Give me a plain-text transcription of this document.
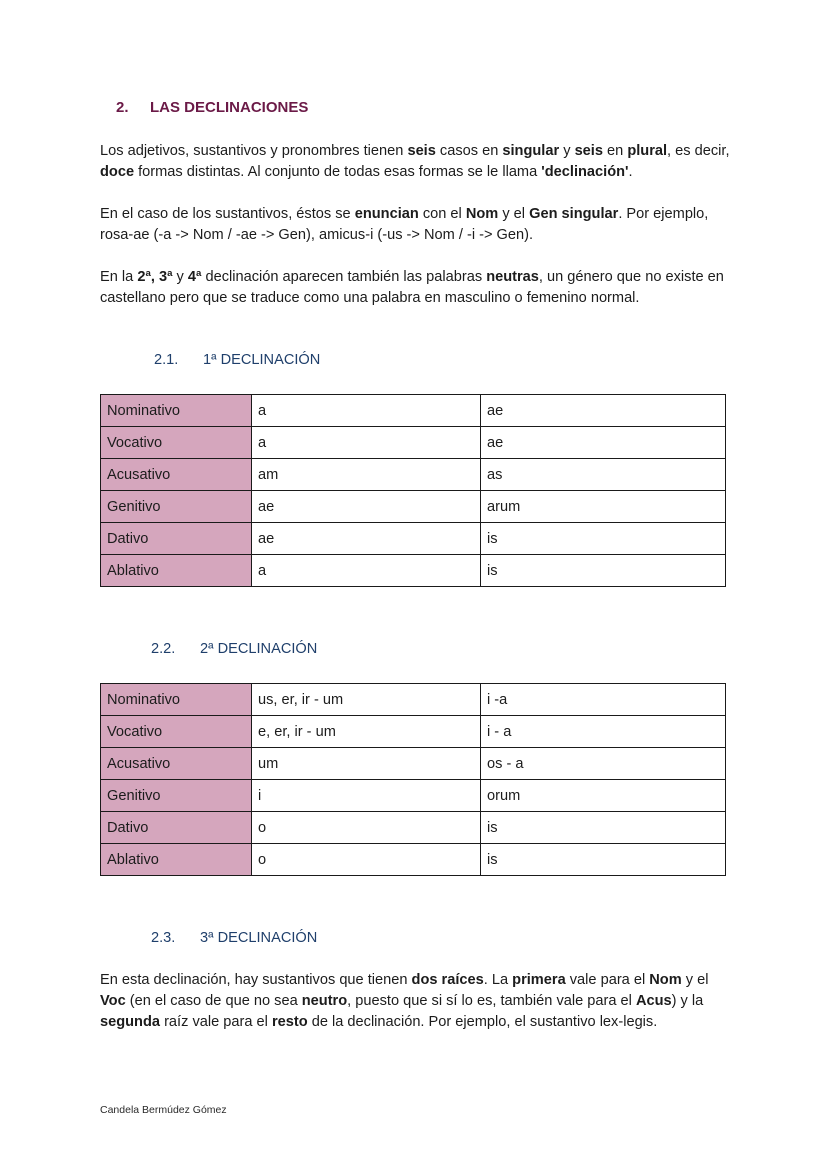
2. LAS DECLINACIONES
Los adjetivos, sustantivos y pronombres tienen seis casos en singular y seis en plural, es decir, doce formas distintas. Al conjunto de todas esas formas se le llama 'declinación'.
En el caso de los sustantivos, éstos se enuncian con el Nom y el Gen singular. Por ejemplo, rosa-ae (-a -> Nom / -ae -> Gen), amicus-i (-us -> Nom / -i -> Gen).
En la 2ª, 3ª y 4ª declinación aparecen también las palabras neutras, un género que no existe en castellano pero que se traduce como una palabra en masculino o femenino normal.
2.1. 1ª DECLINACIÓN
Nominativo	a	ae
Vocativo	a	ae
Acusativo	am	as
Genitivo	ae	arum
Dativo	ae	is
Ablativo	a	is
2.2. 2ª DECLINACIÓN
Nominativo	us, er, ir - um	i -a
Vocativo	e, er, ir - um	i - a
Acusativo	um	os - a
Genitivo	i	orum
Dativo	o	is
Ablativo	o	is
2.3. 3ª DECLINACIÓN
En esta declinación, hay sustantivos que tienen dos raíces. La primera vale para el Nom y el Voc (en el caso de que no sea neutro, puesto que si sí lo es, también vale para el Acus) y la segunda raíz vale para el resto de la declinación. Por ejemplo, el sustantivo lex-legis.
Candela Bermúdez Gómez
